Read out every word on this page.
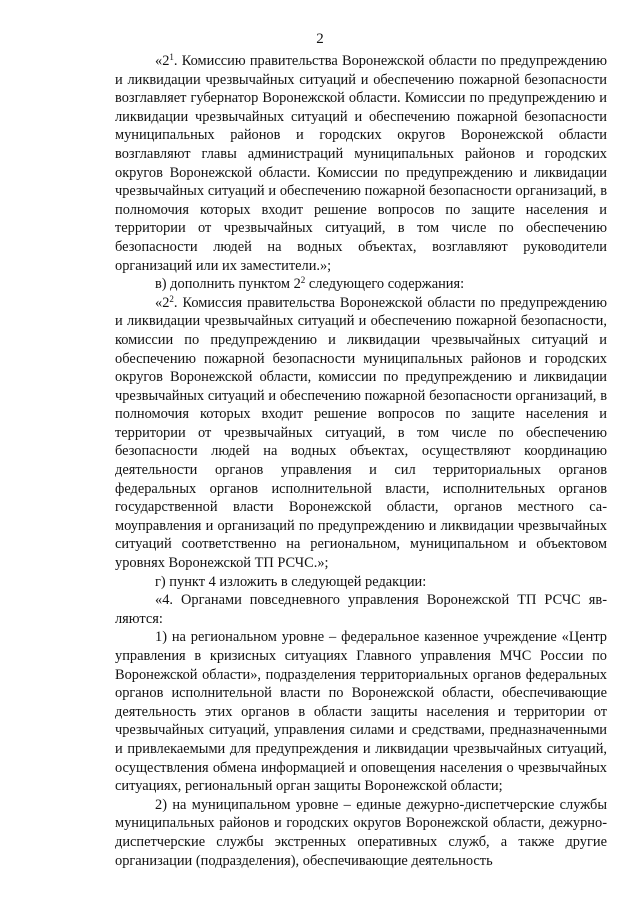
2

«$2^1$. Комиссию правительства Воронежской области по предупреждению и ликвидации чрезвычайных ситуаций и обеспечению пожарной безопасности возглавляет губернатор Воронежской области. Комиссии по предупреждению и ликвидации чрезвычайных ситуаций и обеспечению пожарной безопасности муниципальных районов и городских округов Воронежской области возглавляют главы администраций муниципальных районов и городских округов Воронежской области. Комиссии по предупреждению и ликвидации чрезвычайных ситуаций и обеспечению пожарной безопасности организаций, в полномочия которых входит решение вопросов по защите населения и территории от чрезвычайных ситуаций, в том числе по обеспечению безопасности людей на водных объектах, возглавляют руководители организаций или их заместители.»;

в) дополнить пунктом $2^2$ следующего содержания:

«$2^2$. Комиссия правительства Воронежской области по предупреждению и ликвидации чрезвычайных ситуаций и обеспечению пожарной безопасности, комиссии по предупреждению и ликвидации чрезвычайных ситуаций и обеспечению пожарной безопасности муниципальных районов и городских округов Воронежской области, комиссии по предупреждению и ликвидации чрезвычайных ситуаций и обеспечению пожарной безопасности организаций, в полномочия которых входит решение вопросов по защите населения и территории от чрезвычайных ситуаций, в том числе по обеспечению безопасности людей на водных объектах, осуществляют координацию деятельности органов управления и сил территориальных органов федеральных органов исполнительной власти, исполнительных органов государственной власти Воронежской области, органов местного самоуправления и организаций по предупреждению и ликвидации чрезвычайных ситуаций соответственно на региональном, муниципальном и объектовом уровнях Воронежской ТП РСЧС.»;

г) пункт 4 изложить в следующей редакции:

«4. Органами повседневного управления Воронежской ТП РСЧС являются:

1) на региональном уровне – федеральное казенное учреждение «Центр управления в кризисных ситуациях Главного управления МЧС России по Воронежской области», подразделения территориальных органов федеральных органов исполнительной власти по Воронежской области, обеспечивающие деятельность этих органов в области защиты населения и территории от чрезвычайных ситуаций, управления силами и средствами, предназначенными и привлекаемыми для предупреждения и ликвидации чрезвычайных ситуаций, осуществления обмена информацией и оповещения населения о чрезвычайных ситуациях, региональный орган защиты Воронежской области;

2) на муниципальном уровне – единые дежурно-диспетчерские службы муниципальных районов и городских округов Воронежской области, дежурно-диспетчерские службы экстренных оперативных служб, а также другие организации (подразделения), обеспечивающие деятельность
